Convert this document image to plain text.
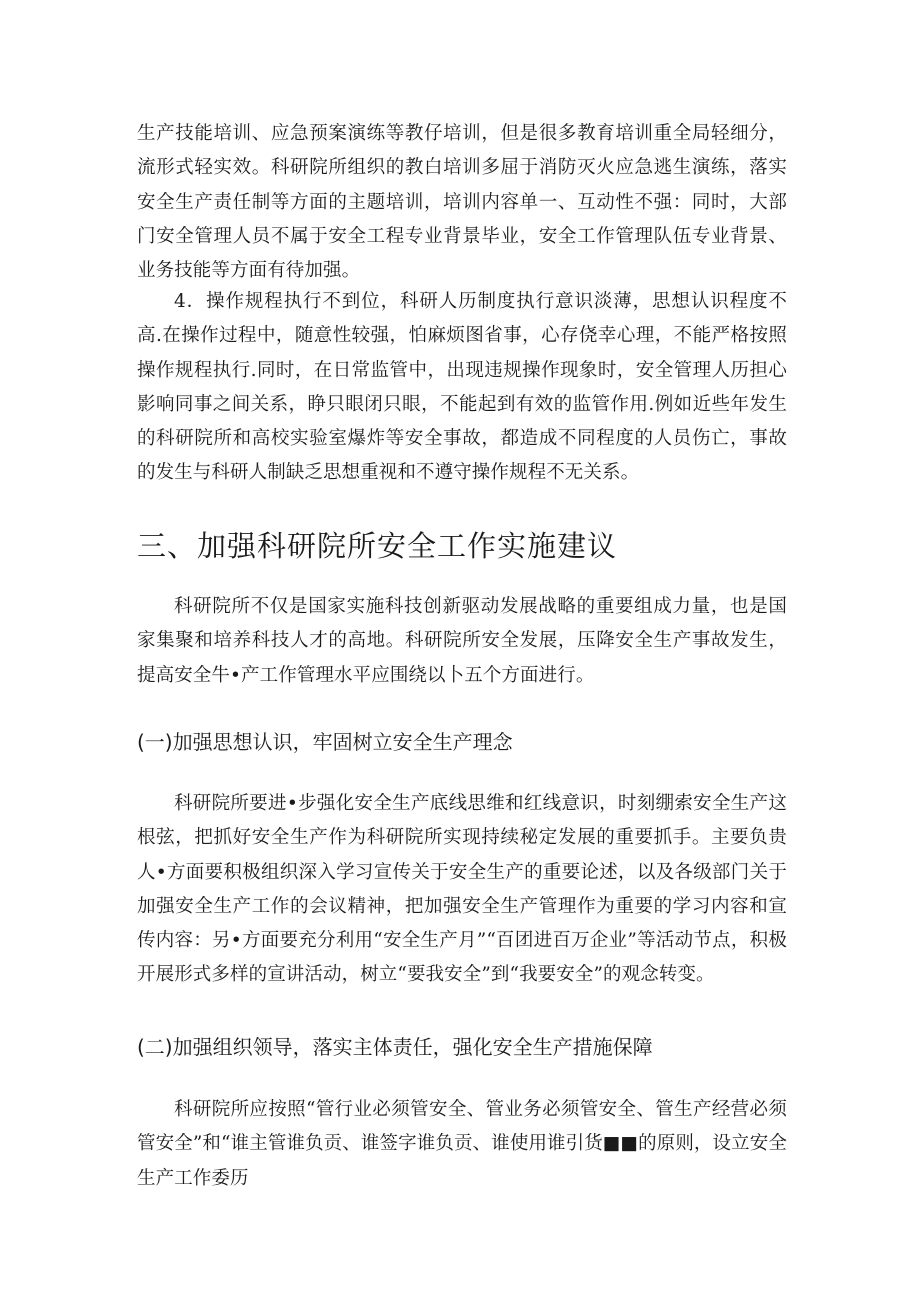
生产技能培训、应急预案演练等教仔培训，但是很多教育培训重全局轻细分，流形式轻实效。科研院所组织的教白培训多屈于消防灭火应急逃生演练，落实安全生产责任制等方面的主题培训，培训内容单一、互动性不强：同时，大部门安全管理人员不属于安全工程专业背景毕业，安全工作管理队伍专业背景、业务技能等方面有待加强。

4．操作规程执行不到位，科研人历制度执行意识淡薄，思想认识程度不高.在操作过程中，随意性较强，怕麻烦图省事，心存侥幸心理，不能严格按照操作规程执行.同时，在日常监管中，出现违规操作现象时，安全管理人历担心影响同事之间关系，睁只眼闭只眼，不能起到有效的监管作用.例如近些年发生的科研院所和高校实验室爆炸等安全事故，都造成不同程度的人员伤亡，事故的发生与科研人制缺乏思想重视和不遵守操作规程不无关系。

三、加强科研院所安全工作实施建议

科研院所不仅是国家实施科技创新驱动发展战略的重要组成力量，也是国家集聚和培养科技人才的高地。科研院所安全发展，压降安全生产事故发生，提高安全牛•产工作管理水平应围绕以卜五个方面进行。

(一)加强思想认识，牢固树立安全生产理念

科研院所要进•步强化安全生产底线思维和红线意识，时刻绷索安全生产这根弦，把抓好安全生产作为科研院所实现持续秘定发展的重要抓手。主要负贵人•方面要积极组织深入学习宣传关于安全生产的重要论述，以及各级部门关于加强安全生产工作的会议精神，把加强安全生产管理作为重要的学习内容和宣传内容：另•方面要充分利用“安全生产月”“百团进百万企业”等活动节点，积极开展形式多样的宣讲活动，树立“要我安全”到“我要安全”的观念转变。

(二)加强组织领导，落实主体责任，强化安全生产措施保障

科研院所应按照“管行业必须管安全、管业务必须管安全、管生产经营必须管安全”和“谁主管谁负贡、谁签字谁负贡、谁使用谁引货■■的原则，设立安全生产工作委历
